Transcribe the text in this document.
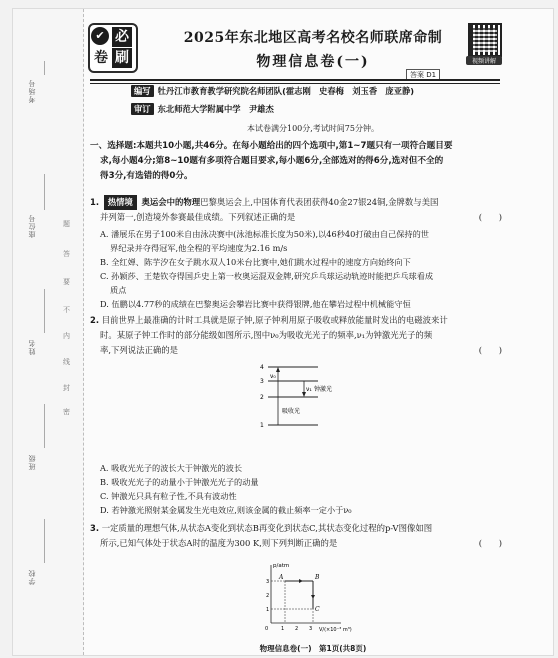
考场号
座位号
姓名
班级
学校
题
答
要
不
内
线
封
密
✔ 必
卷 刷
2025年东北地区高考名校名师联席命制
物理信息卷(一)	视频讲解
答案 D1
编写 牡丹江市教育教学研究院名师团队(霍志刚　史春梅　刘玉香　庞亚静)
审订 东北师范大学附属中学　尹雄杰
本试卷满分100分,考试时间75分钟。
一、选择题:本题共10小题,共46分。在每小题给出的四个选项中,第1~7题只有一项符合题目要
求,每小题4分;第8~10题有多项符合题目要求,每小题6分,全部选对的得6分,选对但不全的
得3分,有选错的得0分。
1. 热情境 奥运会中的物理巴黎奥运会上,中国体育代表团获得40金27银24铜,金牌数与美国
并列第一,创造境外参赛最佳成绩。下列叙述正确的是	(　　)
A. 潘展乐在男子100米自由泳决赛中(泳池标准长度为50米),以46秒40打破由自己保持的世
界纪录并夺得冠军,他全程的平均速度为2.16 m/s
B. 全红婵、陈芋汐在女子跳水双人10米台比赛中,她们跳水过程中的速度方向始终向下
C. 孙颖莎、王楚钦夺得国乒史上第一枚奥运混双金牌,研究乒乓球运动轨迹时能把乒乓球看成
质点
D. 伍鹏以4.77秒的成绩在巴黎奥运会攀岩比赛中获得银牌,他在攀岩过程中机械能守恒
2. 目前世界上最准确的计时工具就是原子钟,原子钟利用原子吸收或释放能量时发出的电磁波来计
时。某原子钟工作时的部分能级如图所示,图中ν₀为吸收光光子的频率,ν₁为钟激光光子的频
率,下列说法正确的是	(　　)
4
3
2
1
ν₀
ν₁ 钟激光
吸收光
A. 吸收光光子的波长大于钟激光的波长
B. 吸收光光子的动量小于钟激光光子的动量
C. 钟激光只具有粒子性,不具有波动性
D. 若钟激光照射某金属发生光电效应,则该金属的截止频率一定小于ν₀
3. 一定质量的理想气体,从状态A变化到状态B再变化到状态C,其状态变化过程的p-V图像如图
所示,已知气体处于状态A时的温度为300 K,则下列判断正确的是	(　　)
p/atm
V/(×10⁻³ m³)
0	1 2 3
1
2
3
A	B
C
物理信息卷(一)　第1页(共8页)
